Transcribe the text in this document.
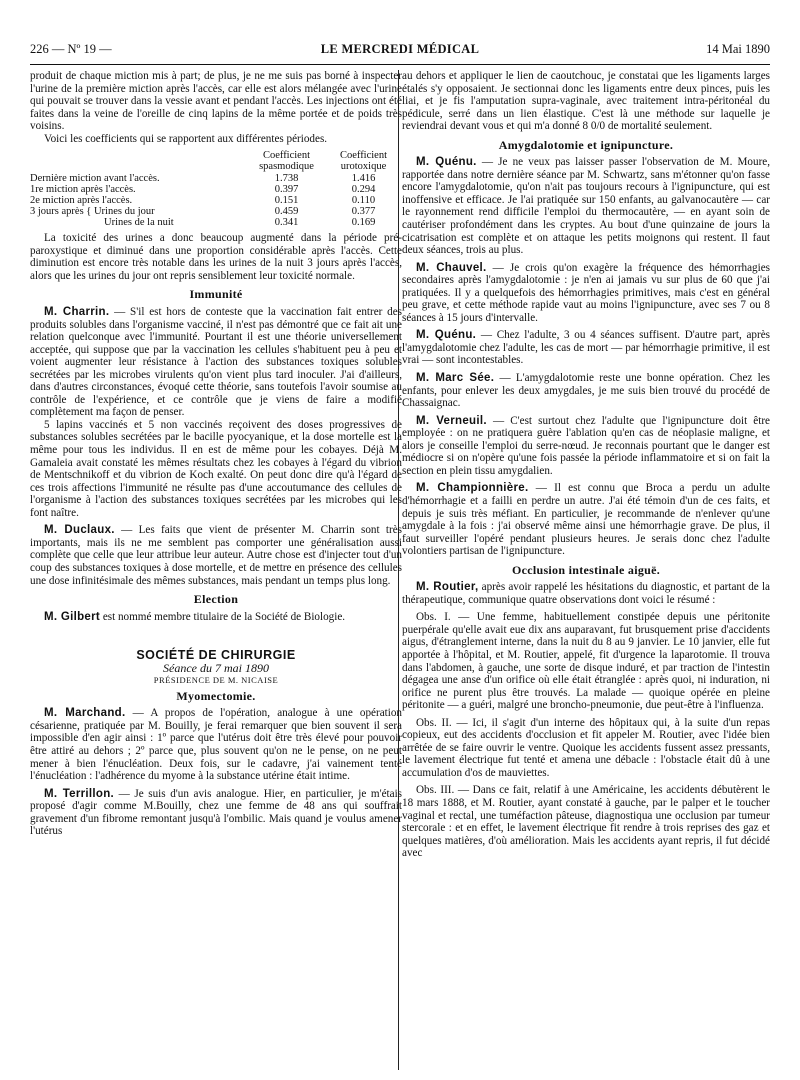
226 — Nº 19 —	LE MERCREDI MÉDICAL	14 Mai 1890

produit de chaque miction mis à part; de plus, je ne me suis pas borné à inspecter l'urine de la première miction après l'accès, car elle est alors mélangée avec l'urine qui pouvait se trouver dans la vessie avant et pendant l'accès. Les injections ont été faites dans la veine de l'oreille de cinq lapins de la même portée et de poids très voisins.

Voici les coefficients qui se rapportent aux différentes périodes.

	Coefficient spasmodique	Coefficient urotoxique
Dernière miction avant l'accès.	1.738	1.416
1re miction après l'accès.	0.397	0.294
2e miction après l'accès.	0.151	0.110
3 jours après { Urines du jour	0.459	0.377
Urines de la nuit	0.341	0.169

La toxicité des urines a donc beaucoup augmenté dans la période pré-paroxystique et diminué dans une proportion considérable après l'accès. Cette diminution est encore très notable dans les urines de la nuit 3 jours après l'accès, alors que les urines du jour ont repris sensiblement leur toxicité normale.

Immunité

M. Charrin. — S'il est hors de conteste que la vaccination fait entrer des produits solubles dans l'organisme vacciné, il n'est pas démontré que ce fait ait une relation quelconque avec l'immunité. Pourtant il est une théorie universellement acceptée, qui suppose que par la vaccination les cellules s'habituent peu à peu et voient augmenter leur résistance à l'action des substances toxiques solubles secrétées par les microbes virulents qu'on vient plus tard inoculer. J'ai d'ailleurs, dans d'autres circonstances, évoqué cette théorie, sans toutefois l'avoir soumise au contrôle de l'expérience, et ce contrôle que je viens de faire a modifié complètement ma façon de penser.

5 lapins vaccinés et 5 non vaccinés reçoivent des doses progressives de substances solubles secrétées par le bacille pyocyanique, et la dose mortelle est la même pour tous les individus. Il en est de même pour les cobayes. Déjà M. Gamaleia avait constaté les mêmes résultats chez les cobayes à l'égard du vibrion de Mentschnikoff et du vibrion de Koch exalté. On peut donc dire qu'à l'égard de ces trois affections l'immunité ne résulte pas d'une accoutumance des cellules de l'organisme à l'action des substances toxiques secrétées par les microbes qui les font naître.

M. Duclaux. — Les faits que vient de présenter M. Charrin sont très importants, mais ils ne me semblent pas comporter une généralisation aussi complète que celle que leur attribue leur auteur. Autre chose est d'injecter tout d'un coup des substances toxiques à dose mortelle, et de mettre en présence des cellules une dose infinitésimale des mêmes substances, mais pendant un temps plus long.

Election

M. Gilbert est nommé membre titulaire de la Société de Biologie.

SOCIÉTÉ DE CHIRURGIE
Séance du 7 mai 1890
PRÉSIDENCE DE M. NICAISE
Myomectomie.

M. Marchand. — A propos de l'opération, analogue à une opération césarienne, pratiquée par M. Bouilly, je ferai remarquer que bien souvent il sera impossible d'en agir ainsi : 1º parce que l'utérus doit être très élevé pour pouvoir être attiré au dehors ; 2º parce que, plus souvent qu'on ne le pense, on ne peut mener à bien l'énucléation. Deux fois, sur le cadavre, j'ai vainement tenté l'énucléation : l'adhérence du myome à la substance utérine était intime.

M. Terrillon. — Je suis d'un avis analogue. Hier, en particulier, je m'étais proposé d'agir comme M.Bouilly, chez une femme de 48 ans qui souffrait gravement d'un fibrome remontant jusqu'à l'ombilic. Mais quand je voulus amener l'utérus

au dehors et appliquer le lien de caoutchouc, je constatai que les ligaments larges étalés s'y opposaient. Je sectionnai donc les ligaments entre deux pinces, puis les liai, et je fis l'amputation supra-vaginale, avec traitement intra-péritonéal du pédicule, serré dans un lien élastique. C'est là une méthode sur laquelle je reviendrai devant vous et qui m'a donné 8 0/0 de mortalité seulement.

Amygdalotomie et ignipuncture.

M. Quénu. — Je ne veux pas laisser passer l'observation de M. Moure, rapportée dans notre dernière séance par M. Schwartz, sans m'étonner qu'on fasse encore l'amygdalotomie, qu'on n'ait pas toujours recours à l'ignipuncture, qui est inoffensive et efficace. Je l'ai pratiquée sur 150 enfants, au galvanocautère — car le rayonnement rend difficile l'emploi du thermocautère, — en ayant soin de cautériser profondément dans les cryptes. Au bout d'une quinzaine de jours la cicatrisation est complète et on attaque les petits moignons qui restent. Il faut deux séances, trois au plus.

M. Chauvel. — Je crois qu'on exagère la fréquence des hémorrhagies secondaires après l'amygdalotomie : je n'en ai jamais vu sur plus de 60 que j'ai pratiquées. Il y a quelquefois des hémorrhagies primitives, mais c'est en général peu grave, et cette méthode rapide vaut au moins l'ignipuncture, avec ses 7 ou 8 séances à 15 jours d'intervalle.

M. Quénu. — Chez l'adulte, 3 ou 4 séances suffisent. D'autre part, après l'amygdalotomie chez l'adulte, les cas de mort — par hémorrhagie primitive, il est vrai — sont incontestables.

M. Marc Sée. — L'amygdalotomie reste une bonne opération. Chez les enfants, pour enlever les deux amygdales, je me suis bien trouvé du procédé de Chassaignac.

M. Verneuil. — C'est surtout chez l'adulte que l'ignipuncture doit être employée : on ne pratiquera guère l'ablation qu'en cas de néoplasie maligne, et alors je conseille l'emploi du serre-nœud. Je reconnais pourtant que le danger est médiocre si on n'opère qu'une fois passée la période inflammatoire et si on fait la section en plein tissu amygdalien.

M. Championnière. — Il est connu que Broca a perdu un adulte d'hémorrhagie et a failli en perdre un autre. J'ai été témoin d'un de ces faits, et depuis je suis très méfiant. En particulier, je recommande de n'enlever qu'une amygdale à la fois : j'ai observé même ainsi une hémorrhagie grave. De plus, il faut surveiller l'opéré pendant plusieurs heures. Je serais donc chez l'adulte volontiers partisan de l'ignipuncture.

Occlusion intestinale aiguë.

M. Routier, après avoir rappelé les hésitations du diagnostic, et partant de la thérapeutique, communique quatre observations dont voici le résumé :

Obs. I. — Une femme, habituellement constipée depuis une péritonite puerpérale qu'elle avait eue dix ans auparavant, fut brusquement prise d'accidents aigus, d'étranglement interne, dans la nuit du 8 au 9 janvier. Le 10 janvier, elle fut apportée à l'hôpital, et M. Routier, appelé, fit d'urgence la laparotomie. Il trouva dans l'abdomen, à gauche, une sorte de disque induré, et par traction de l'intestin dégagea une anse d'un orifice où elle était étranglée : après quoi, ni induration, ni orifice ne purent plus être trouvés. La malade — quoique opérée en pleine péritonite — a guéri, malgré une broncho-pneumonie, due peut-être à l'influenza.

Obs. II. — Ici, il s'agit d'un interne des hôpitaux qui, à la suite d'un repas copieux, eut des accidents d'occlusion et fit appeler M. Routier, avec l'idée bien arrêtée de se faire ouvrir le ventre. Quoique les accidents fussent assez pressants, le lavement électrique fut tenté et amena une débacle : l'obstacle était dû à une accumulation d'os de mauviettes.

Obs. III. — Dans ce fait, relatif à une Américaine, les accidents débutèrent le 18 mars 1888, et M. Routier, ayant constaté à gauche, par le palper et le toucher vaginal et rectal, une tuméfaction pâteuse, diagnostiqua une occlusion par tumeur stercorale : et en effet, le lavement électrique fit rendre à trois reprises des gaz et quelques matières, d'où amélioration. Mais les accidents ayant repris, il fut décidé avec
